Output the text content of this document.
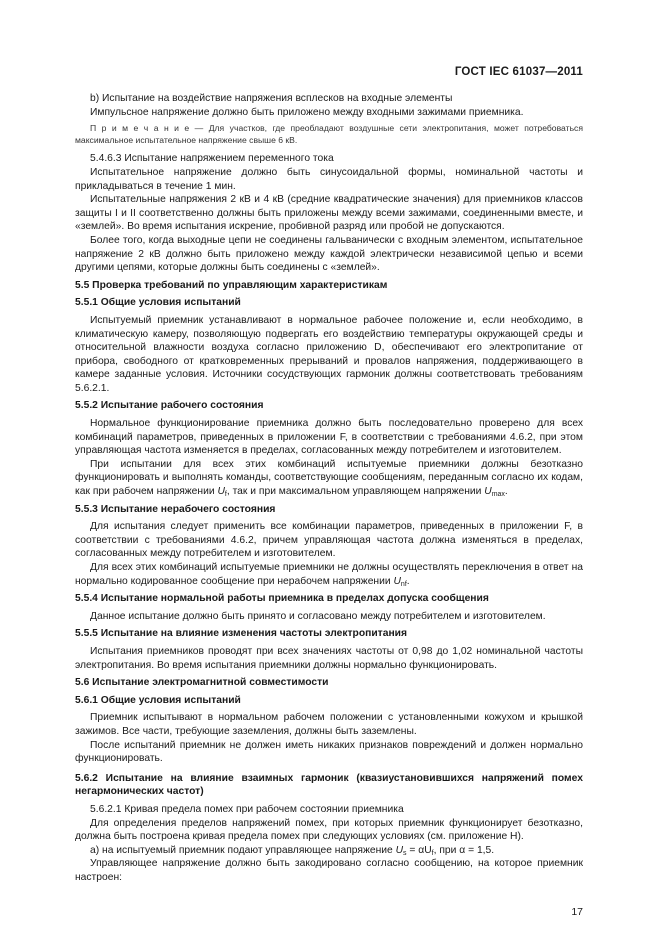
ГОСТ IEC 61037—2011

b) Испытание на воздействие напряжения всплесков на входные элементы

Импульсное напряжение должно быть приложено между входными зажимами приемника.

П р и м е ч а н и е — Для участков, где преобладают воздушные сети электропитания, может потребоваться максимальное испытательное напряжение свыше 6 кВ.

5.4.6.3 Испытание напряжением переменного тока

Испытательное напряжение должно быть синусоидальной формы, номинальной частоты и прикладываться в течение 1 мин.

Испытательные напряжения 2 кВ и 4 кВ (средние квадратические значения) для приемников классов защиты I и II соответственно должны быть приложены между всеми зажимами, соединенными вместе, и «землей». Во время испытания искрение, пробивной разряд или пробой не допускаются.

Более того, когда выходные цепи не соединены гальванически с входным элементом, испытательное напряжение 2 кВ должно быть приложено между каждой электрически независимой цепью и всеми другими цепями, которые должны быть соединены с «землей».

5.5 Проверка требований по управляющим характеристикам

5.5.1 Общие условия испытаний

Испытуемый приемник устанавливают в нормальное рабочее положение и, если необходимо, в климатическую камеру, позволяющую подвергать его воздействию температуры окружающей среды и относительной влажности воздуха согласно приложению D, обеспечивают его электропитание от прибора, свободного от кратковременных прерываний и провалов напряжения, поддерживающего в камере заданные условия. Источники сосудствующих гармоник должны соответствовать требованиям 5.6.2.1.

5.5.2 Испытание рабочего состояния

Нормальное функционирование приемника должно быть последовательно проверено для всех комбинаций параметров, приведенных в приложении F, в соответствии с требованиями 4.6.2, при этом управляющая частота изменяется в пределах, согласованных между потребителем и изготовителем.

При испытании для всех этих комбинаций испытуемые приемники должны безотказно функционировать и выполнять команды, соответствующие сообщениям, переданным согласно их кодам, как при рабочем напряжении $U_f$, так и при максимальном управляющем напряжении $U_{max}$.

5.5.3 Испытание нерабочего состояния

Для испытания следует применить все комбинации параметров, приведенных в приложении F, в соответствии с требованиями 4.6.2, причем управляющая частота должна изменяться в пределах, согласованных между потребителем и изготовителем.

Для всех этих комбинаций испытуемые приемники не должны осуществлять переключения в ответ на нормально кодированное сообщение при нерабочем напряжении $U_{nf}$.

5.5.4 Испытание нормальной работы приемника в пределах допуска сообщения

Данное испытание должно быть принято и согласовано между потребителем и изготовителем.

5.5.5 Испытание на влияние изменения частоты электропитания

Испытания приемников проводят при всех значениях частоты от 0,98 до 1,02 номинальной частоты электропитания. Во время испытания приемники должны нормально функционировать.

5.6 Испытание электромагнитной совместимости

5.6.1 Общие условия испытаний

Приемник испытывают в нормальном рабочем положении с установленными кожухом и крышкой зажимов. Все части, требующие заземления, должны быть заземлены.

После испытаний приемник не должен иметь никаких признаков повреждений и должен нормально функционировать.

5.6.2 Испытание на влияние взаимных гармоник (квазиустановившихся напряжений помех негармонических частот)

5.6.2.1 Кривая предела помех при рабочем состоянии приемника

Для определения пределов напряжений помех, при которых приемник функционирует безотказно, должна быть построена кривая предела помех при следующих условиях (см. приложение H).

а) на испытуемый приемник подают управляющее напряжение $U_s = \alpha U_f$, при α = 1,5.

Управляющее напряжение должно быть закодировано согласно сообщению, на которое приемник настроен:

17
